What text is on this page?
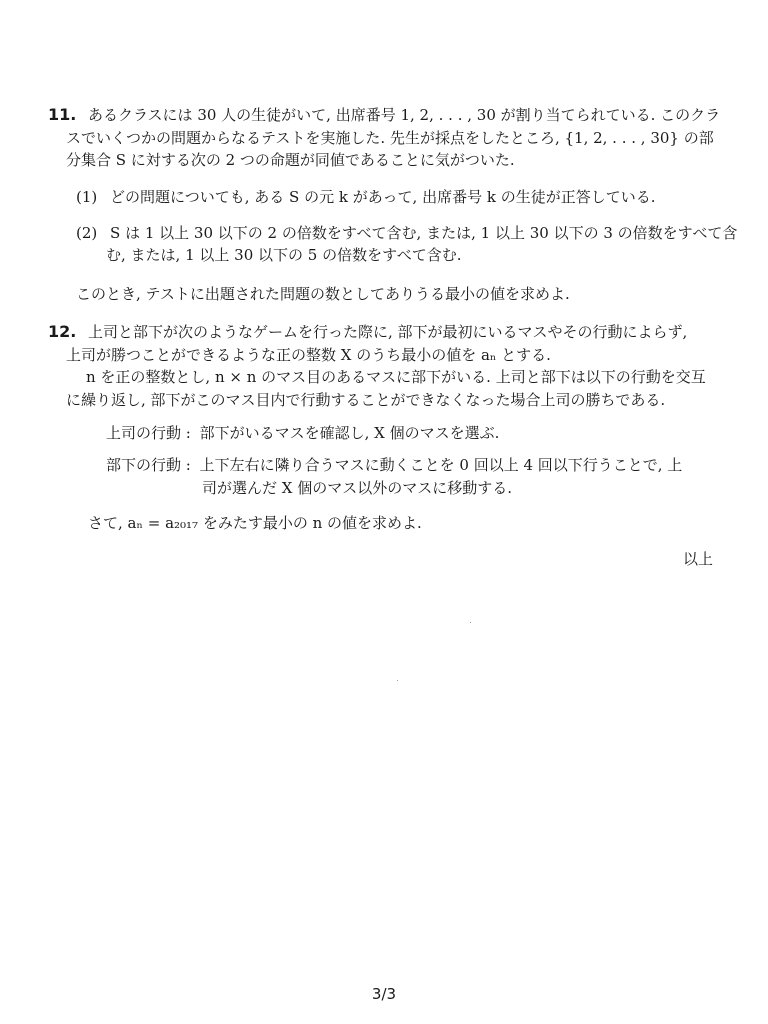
11. あるクラスには 30 人の生徒がいて, 出席番号 1, 2, . . . , 30 が割り当てられている. このクラ
スでいくつかの問題からなるテストを実施した. 先生が採点をしたところ, {1, 2, . . . , 30} の部
分集合 S に対する次の 2 つの命題が同値であることに気がついた.
(1) どの問題についても, ある S の元 k があって, 出席番号 k の生徒が正答している.
(2) S は 1 以上 30 以下の 2 の倍数をすべて含む, または, 1 以上 30 以下の 3 の倍数をすべて含
む, または, 1 以上 30 以下の 5 の倍数をすべて含む.
このとき, テストに出題された問題の数としてありうる最小の値を求めよ.
12. 上司と部下が次のようなゲームを行った際に, 部下が最初にいるマスやその行動によらず,
上司が勝つことができるような正の整数 X のうち最小の値を aₙ とする.
n を正の整数とし, n × n のマス目のあるマスに部下がいる. 上司と部下は以下の行動を交互
に繰り返し, 部下がこのマス目内で行動することができなくなった場合上司の勝ちである.
上司の行動 : 部下がいるマスを確認し, X 個のマスを選ぶ.
部下の行動 : 上下左右に隣り合うマスに動くことを 0 回以上 4 回以下行うことで, 上
司が選んだ X 個のマス以外のマスに移動する.
さて, aₙ = a₂₀₁₇ をみたす最小の n の値を求めよ.
以上
3/3
